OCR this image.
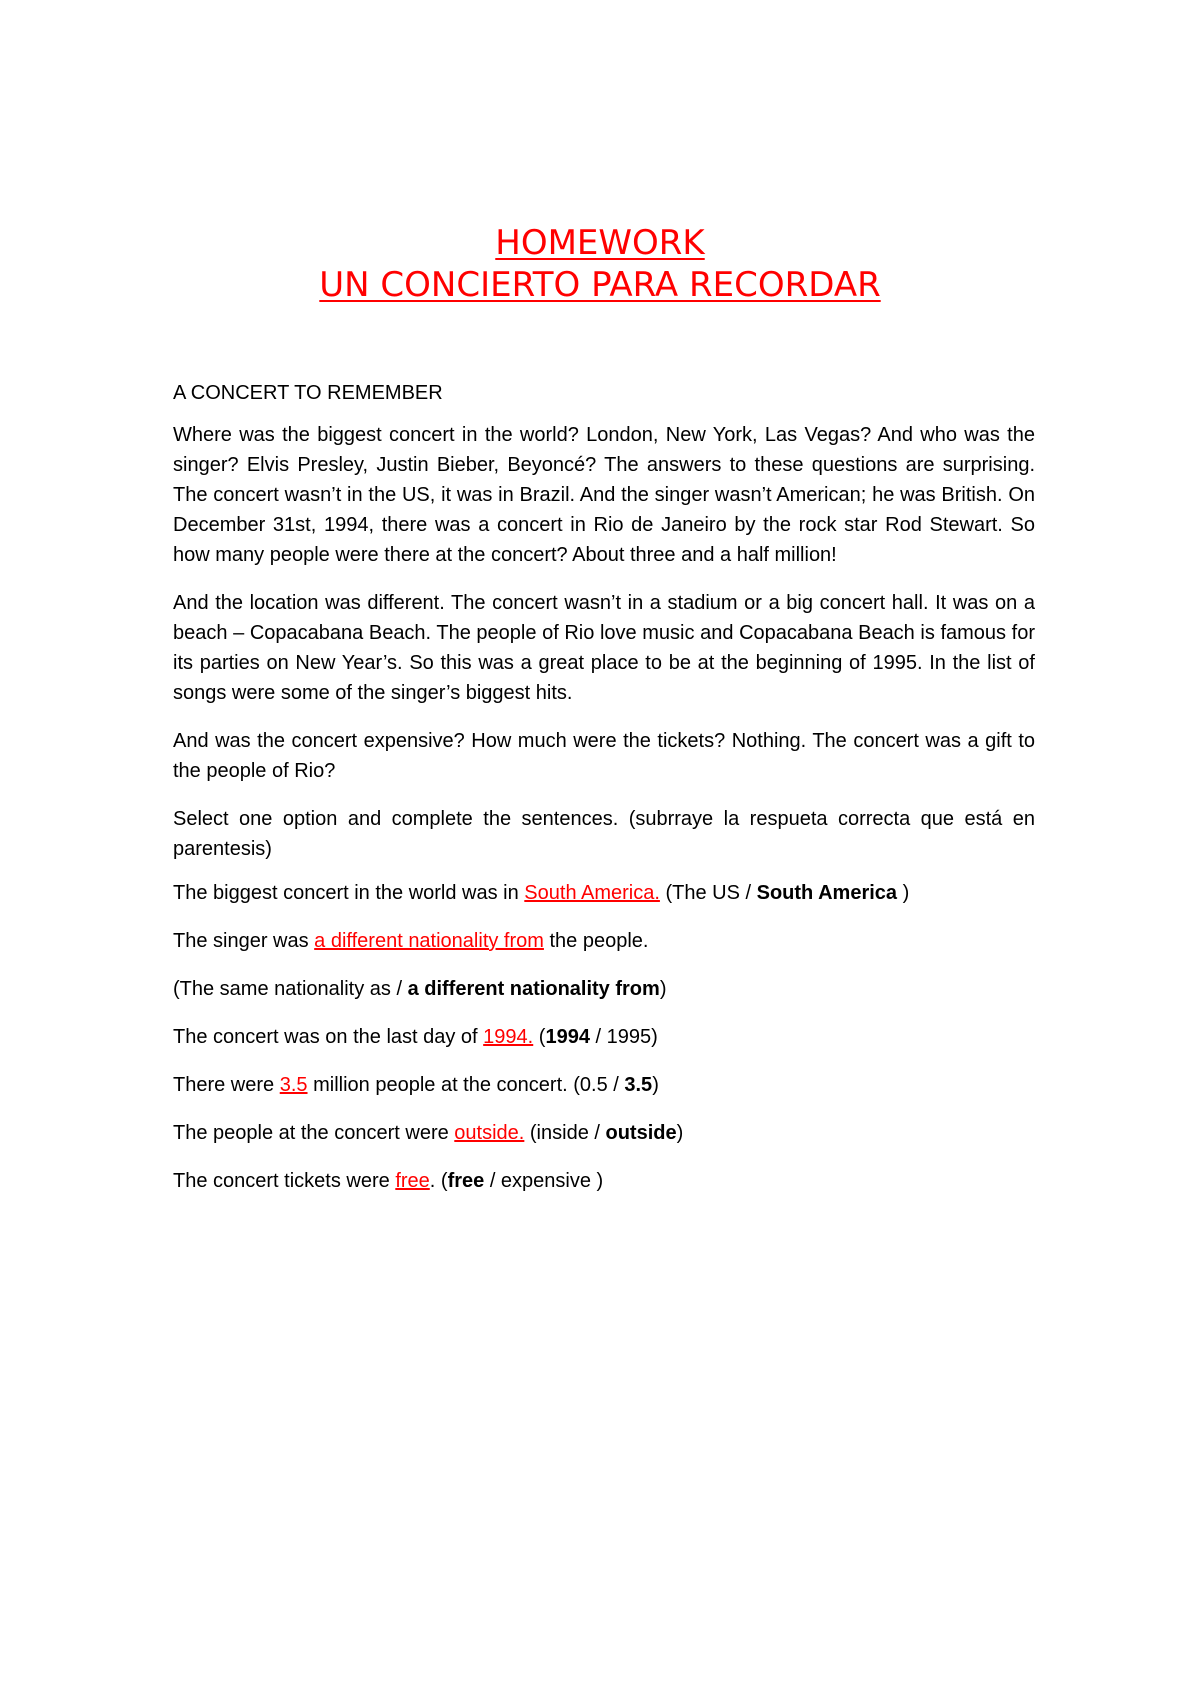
HOMEWORK
UN CONCIERTO PARA RECORDAR
A CONCERT TO REMEMBER
Where was the biggest concert in the world? London, New York, Las Vegas? And who was the singer? Elvis Presley, Justin Bieber, Beyoncé? The answers to these questions are surprising. The concert wasn’t in the US, it was in Brazil. And the singer wasn’t American; he was British. On December 31st, 1994, there was a concert in Rio de Janeiro by the rock star Rod Stewart. So how many people were there at the concert? About three and a half million!
And the location was different. The concert wasn’t in a stadium or a big concert hall. It was on a beach – Copacabana Beach. The people of Rio love music and Copacabana Beach is famous for its parties on New Year’s. So this was a great place to be at the beginning of 1995. In the list of songs were some of the singer’s biggest hits.
And was the concert expensive? How much were the tickets? Nothing. The concert was a gift to the people of Rio?
Select one option and complete the sentences. (subrraye la respueta correcta que está en parentesis)
The biggest concert in the world was in South America. (The US / South America )
The singer was a different nationality from the people.
(The same nationality as / a different nationality from)
The concert was on the last day of 1994. (1994 / 1995)
There were 3.5 million people at the concert. (0.5 / 3.5)
The people at the concert were outside. (inside / outside)
The concert tickets were free. (free / expensive )
